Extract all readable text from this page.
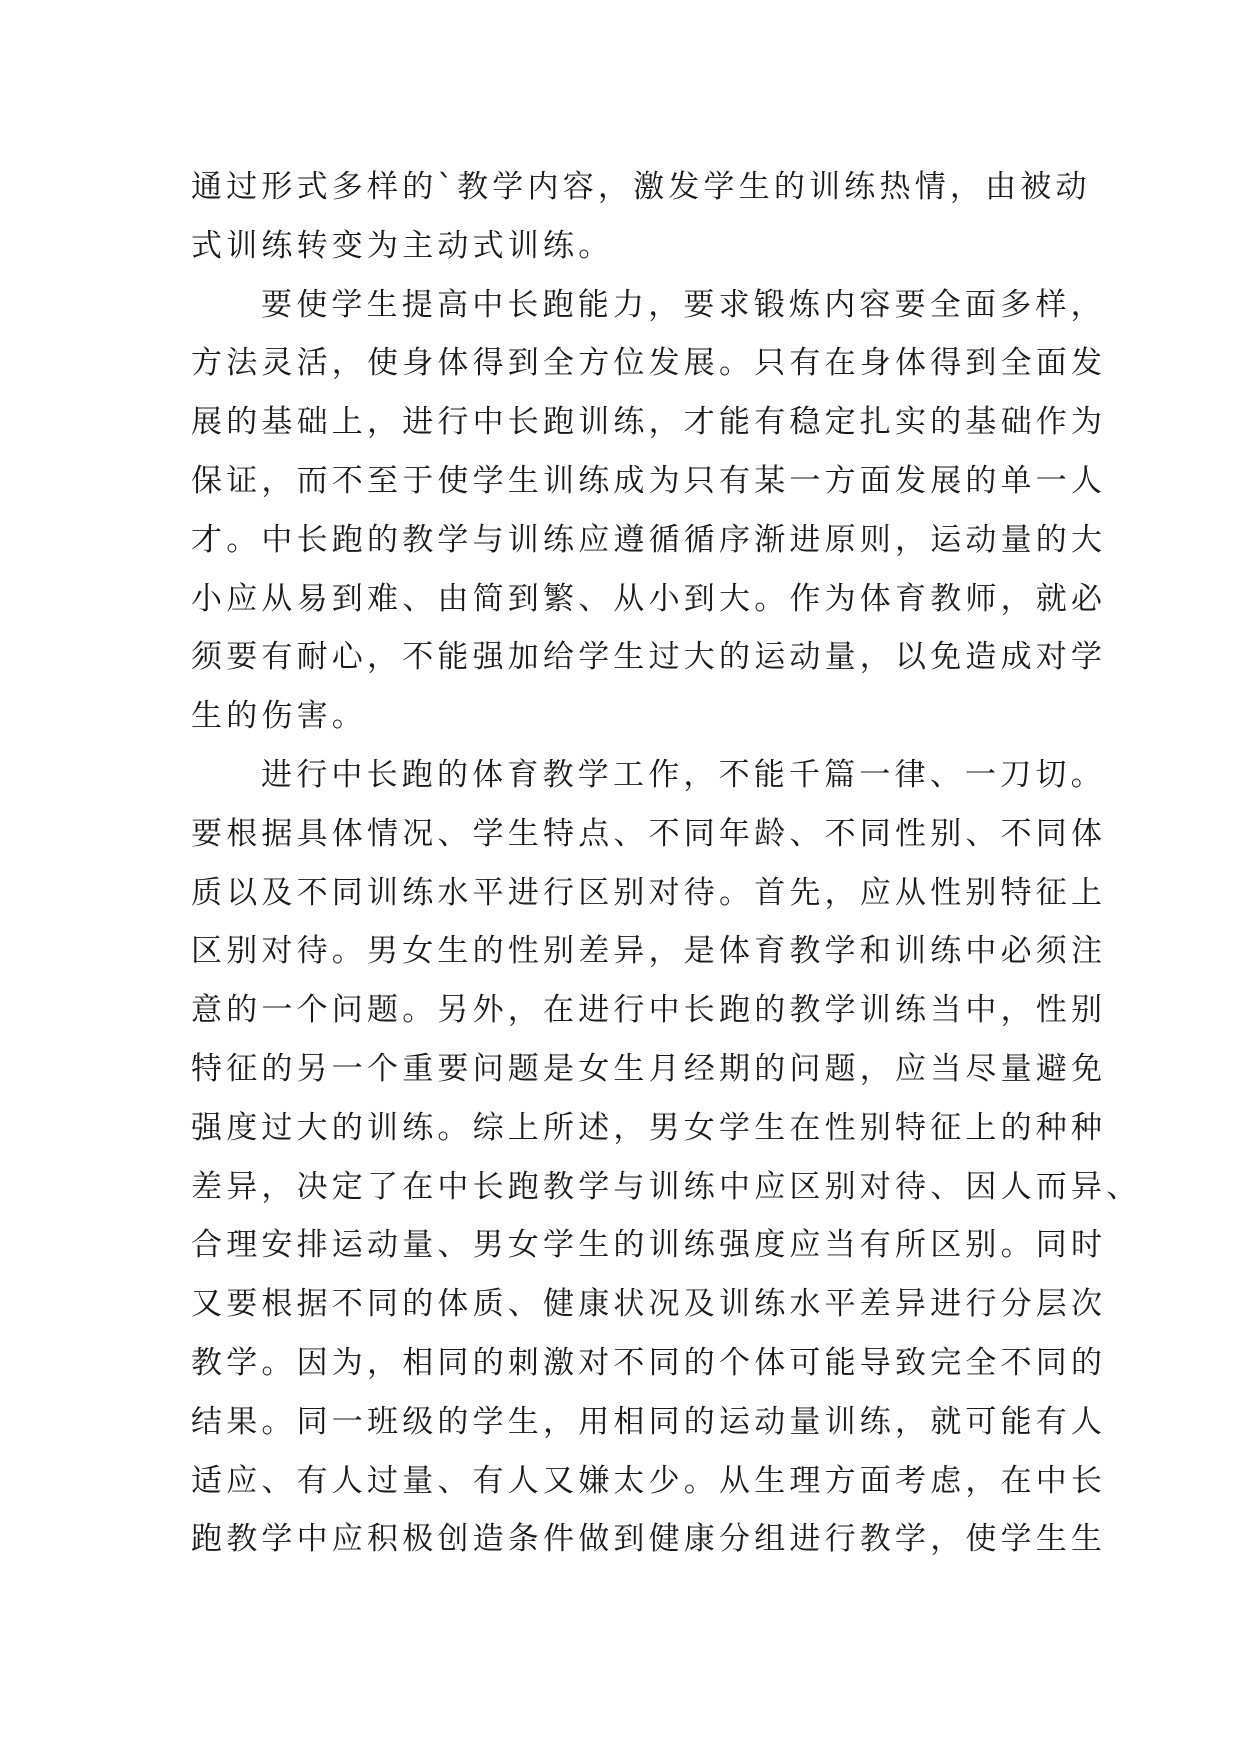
通过形式多样的`教学内容，激发学生的训练热情，由被动
式训练转变为主动式训练。
要使学生提高中长跑能力，要求锻炼内容要全面多样，
方法灵活，使身体得到全方位发展。只有在身体得到全面发
展的基础上，进行中长跑训练，才能有稳定扎实的基础作为
保证，而不至于使学生训练成为只有某一方面发展的单一人
才。中长跑的教学与训练应遵循循序渐进原则，运动量的大
小应从易到难、由简到繁、从小到大。作为体育教师，就必
须要有耐心，不能强加给学生过大的运动量，以免造成对学
生的伤害。
进行中长跑的体育教学工作，不能千篇一律、一刀切。
要根据具体情况、学生特点、不同年龄、不同性别、不同体
质以及不同训练水平进行区别对待。首先，应从性别特征上
区别对待。男女生的性别差异，是体育教学和训练中必须注
意的一个问题。另外，在进行中长跑的教学训练当中，性别
特征的另一个重要问题是女生月经期的问题，应当尽量避免
强度过大的训练。综上所述，男女学生在性别特征上的种种
差异，决定了在中长跑教学与训练中应区别对待、因人而异、
合理安排运动量、男女学生的训练强度应当有所区别。同时
又要根据不同的体质、健康状况及训练水平差异进行分层次
教学。因为，相同的刺激对不同的个体可能导致完全不同的
结果。同一班级的学生，用相同的运动量训练，就可能有人
适应、有人过量、有人又嫌太少。从生理方面考虑，在中长
跑教学中应积极创造条件做到健康分组进行教学，使学生生
